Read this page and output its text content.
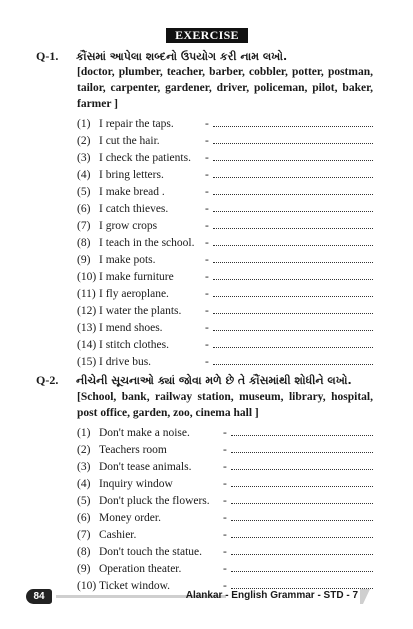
EXERCISE
Q-1. કૌંસમાં આપેલા શબ્દનો ઉપયોગ કરી નામ લખો.
[doctor, plumber, teacher, barber, cobbler, potter, postman, tailor, carpenter, gardener, driver, policeman, pilot, baker, farmer ]
(1) I repair the taps.	-
(2) I cut the hair.	-
(3) I check the patients.	-
(4) I bring letters.	-
(5) I make bread .	-
(6) I catch thieves.	-
(7) I grow crops	-
(8) I teach in the school. -
(9) I make pots.	-
(10) I make furniture	-
(11) I fly aeroplane.	-
(12) I water the plants.	-
(13) I mend shoes.	-
(14) I stitch clothes.	-
(15) I drive bus.	-
Q-2. નીચેની સૂચનાઓ ક્યાં જોવા મળે છે તે કૌંસમાંથી શોધીને લખો.
[School, bank, railway station, museum, library, hospital, post office, garden, zoo, cinema hall ]
(1) Don't make a noise.	-
(2) Teachers room	-
(3) Don't tease animals.	-
(4) Inquiry window	-
(5) Don't pluck the flowers.	-
(6) Money order.	-
(7) Cashier.	-
(8) Don't touch the statue.	-
(9) Operation theater.	-
(10) Ticket window.	-
84	Alankar - English Grammar - STD - 7
